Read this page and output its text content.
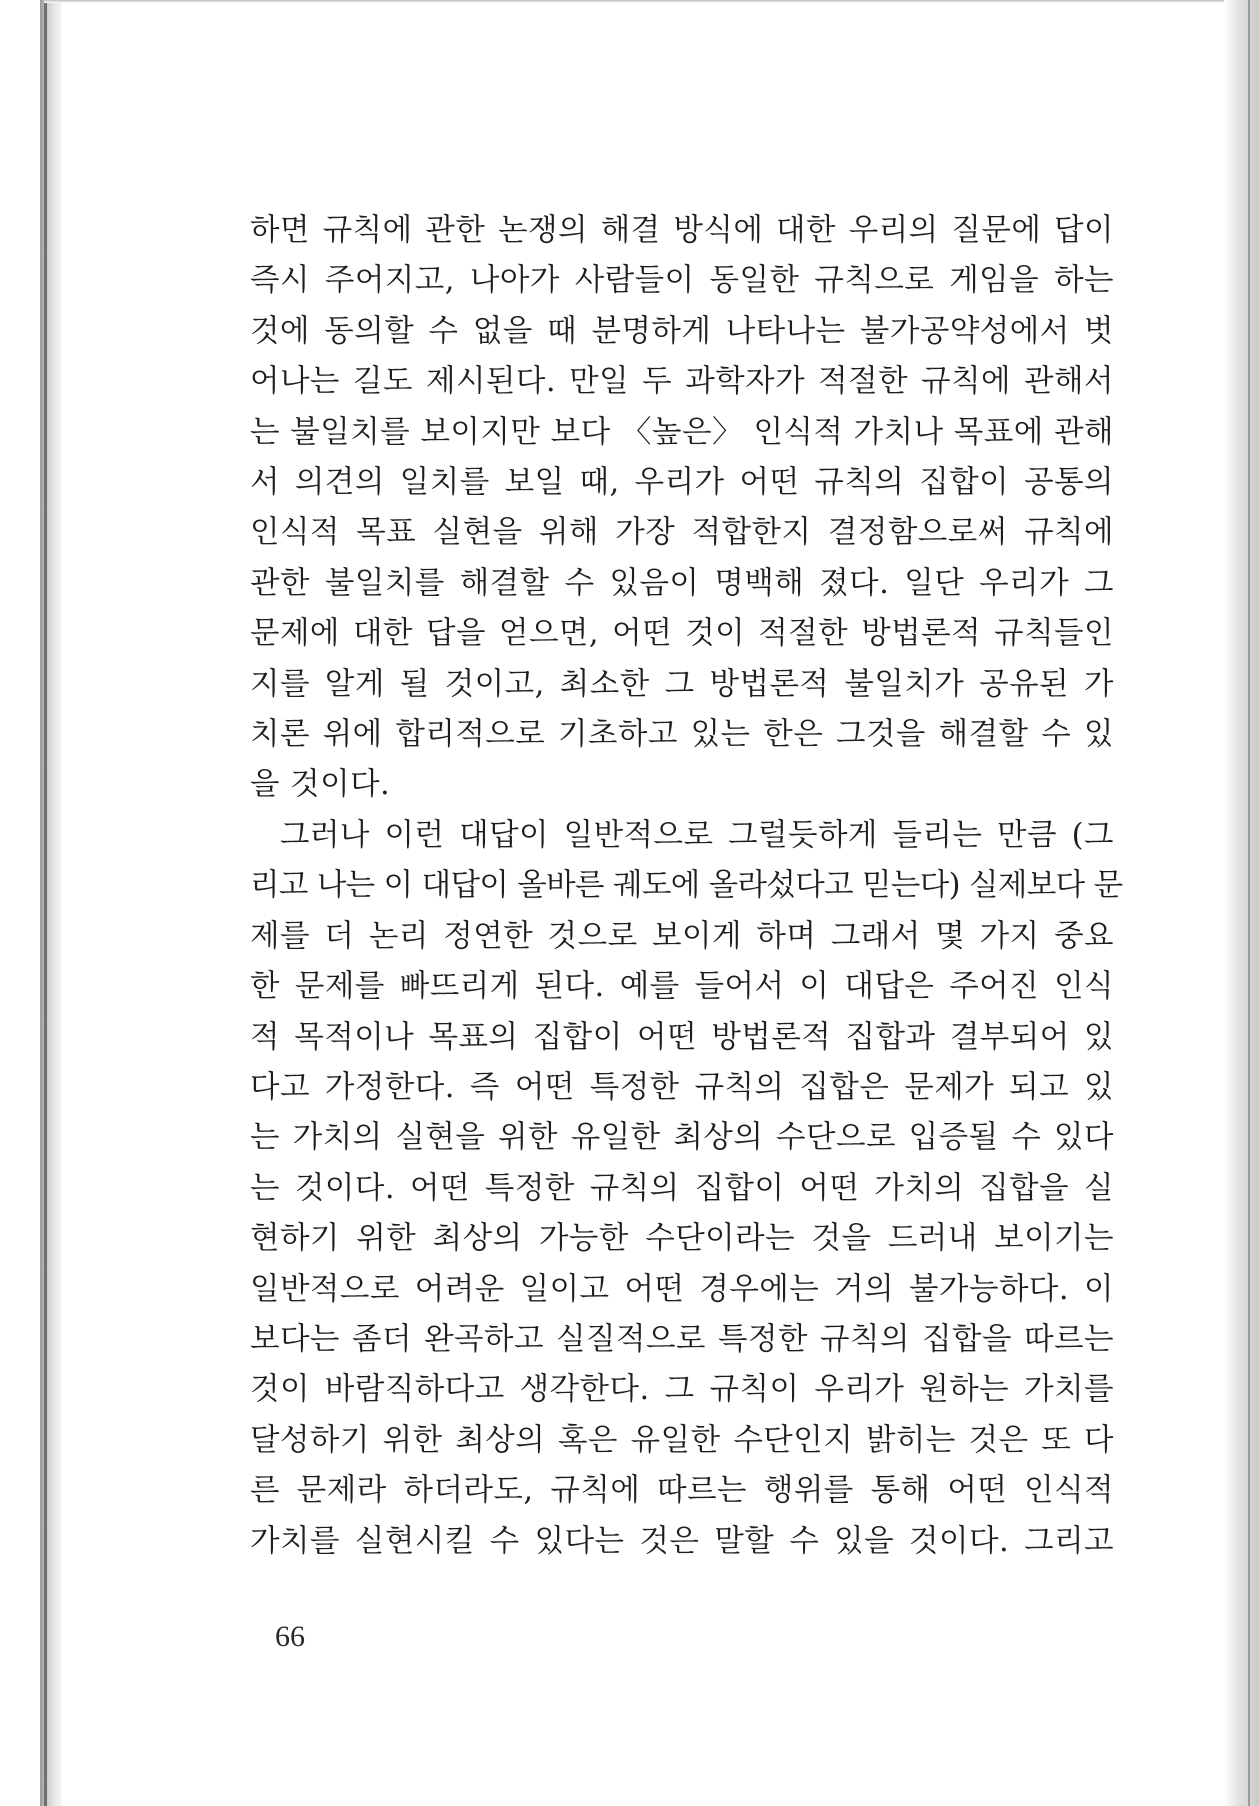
하면 규칙에 관한 논쟁의 해결 방식에 대한 우리의 질문에 답이
즉시 주어지고, 나아가 사람들이 동일한 규칙으로 게임을 하는
것에 동의할 수 없을 때 분명하게 나타나는 불가공약성에서 벗
어나는 길도 제시된다. 만일 두 과학자가 적절한 규칙에 관해서
는 불일치를 보이지만 보다 〈높은〉 인식적 가치나 목표에 관해
서 의견의 일치를 보일 때, 우리가 어떤 규칙의 집합이 공통의
인식적 목표 실현을 위해 가장 적합한지 결정함으로써 규칙에
관한 불일치를 해결할 수 있음이 명백해 졌다. 일단 우리가 그
문제에 대한 답을 얻으면, 어떤 것이 적절한 방법론적 규칙들인
지를 알게 될 것이고, 최소한 그 방법론적 불일치가 공유된 가
치론 위에 합리적으로 기초하고 있는 한은 그것을 해결할 수 있
을 것이다.
그러나 이런 대답이 일반적으로 그럴듯하게 들리는 만큼 (그
리고 나는 이 대답이 올바른 궤도에 올라섰다고 믿는다) 실제보다 문
제를 더 논리 정연한 것으로 보이게 하며 그래서 몇 가지 중요
한 문제를 빠뜨리게 된다. 예를 들어서 이 대답은 주어진 인식
적 목적이나 목표의 집합이 어떤 방법론적 집합과 결부되어 있
다고 가정한다. 즉 어떤 특정한 규칙의 집합은 문제가 되고 있
는 가치의 실현을 위한 유일한 최상의 수단으로 입증될 수 있다
는 것이다. 어떤 특정한 규칙의 집합이 어떤 가치의 집합을 실
현하기 위한 최상의 가능한 수단이라는 것을 드러내 보이기는
일반적으로 어려운 일이고 어떤 경우에는 거의 불가능하다. 이
보다는 좀더 완곡하고 실질적으로 특정한 규칙의 집합을 따르는
것이 바람직하다고 생각한다. 그 규칙이 우리가 원하는 가치를
달성하기 위한 최상의 혹은 유일한 수단인지 밝히는 것은 또 다
른 문제라 하더라도, 규칙에 따르는 행위를 통해 어떤 인식적
가치를 실현시킬 수 있다는 것은 말할 수 있을 것이다. 그리고
66
